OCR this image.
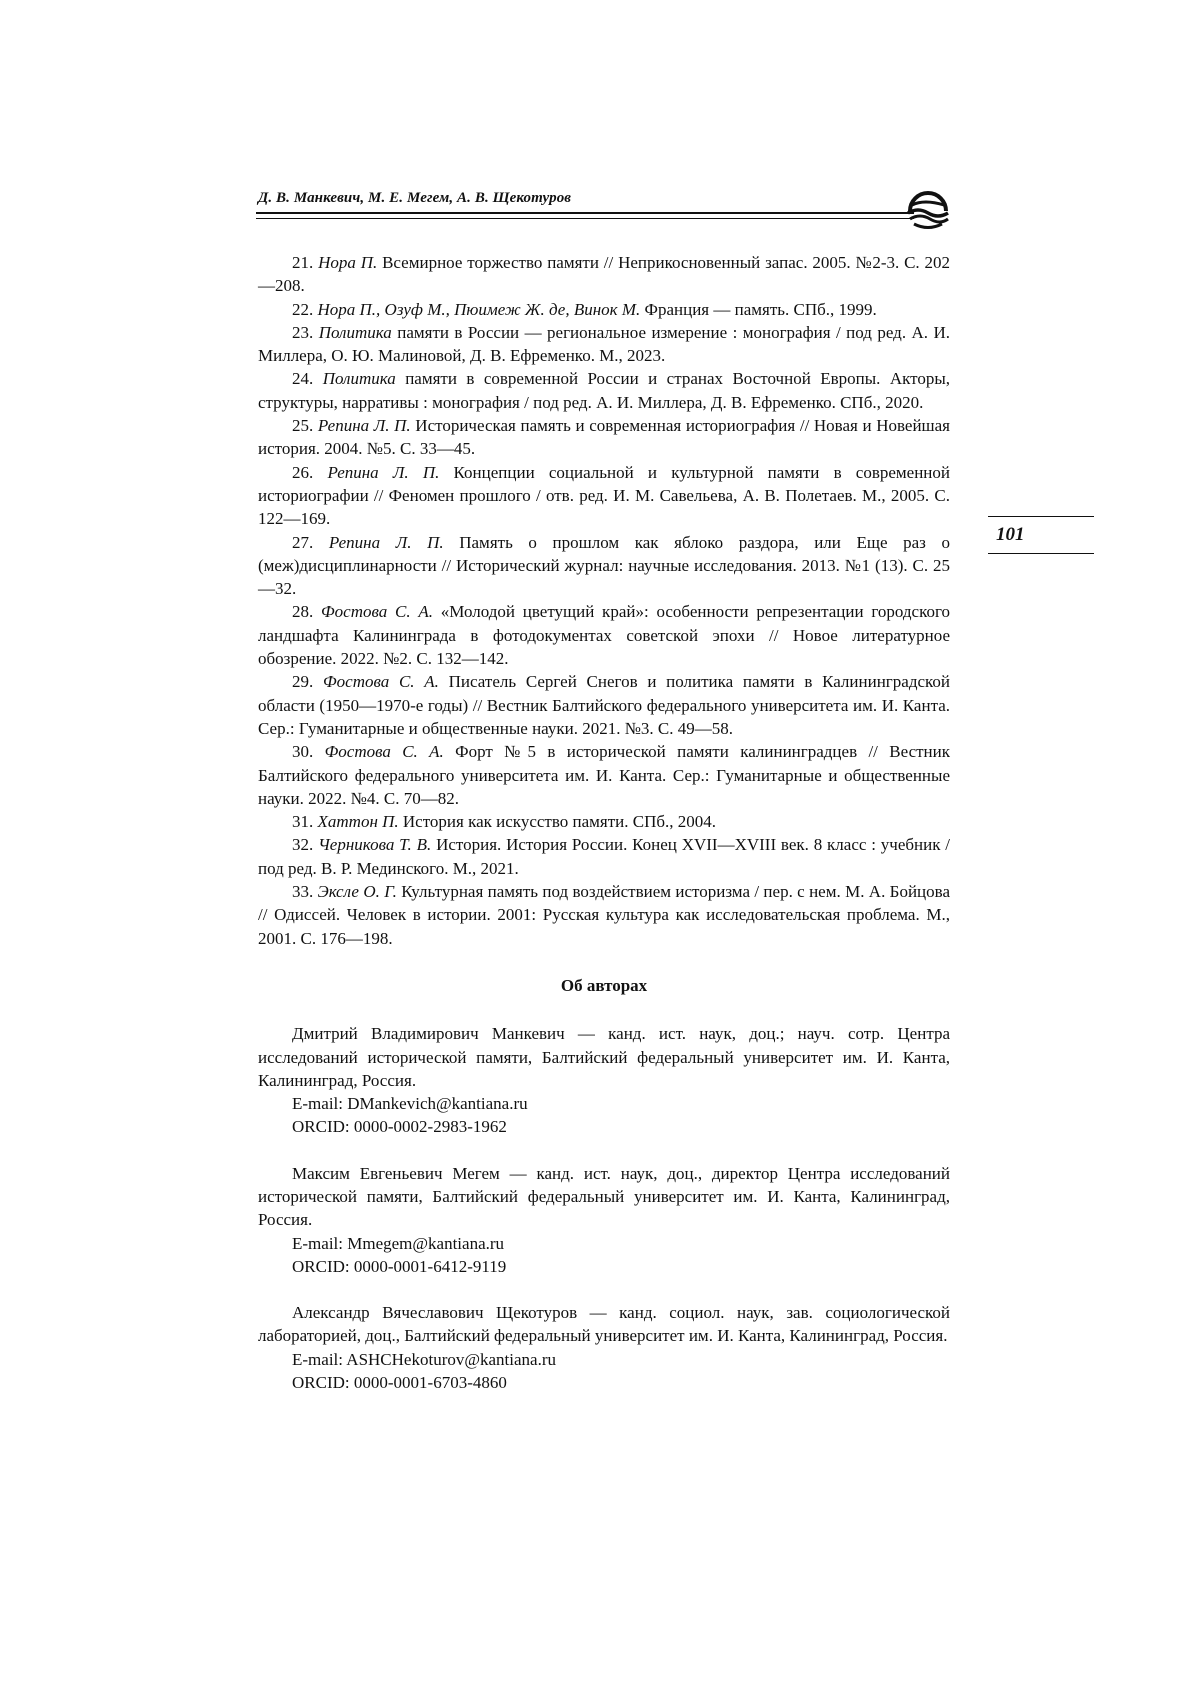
Д. В. Манкевич, М. Е. Мегем, А. В. Щекотуров
101

21. Нора П. Всемирное торжество памяти // Неприкосновенный запас. 2005. №2-3. С. 202—208.

22. Нора П., Озуф М., Пюимеж Ж. де, Винок М. Франция — память. СПб., 1999.

23. Политика памяти в России — региональное измерение : монография / под ред. А. И. Миллера, О. Ю. Малиновой, Д. В. Ефременко. М., 2023.

24. Политика памяти в современной России и странах Восточной Европы. Акторы, структуры, нарративы : монография / под ред. А. И. Миллера, Д. В. Ефременко. СПб., 2020.

25. Репина Л. П. Историческая память и современная историография // Новая и Новейшая история. 2004. №5. С. 33—45.

26. Репина Л. П. Концепции социальной и культурной памяти в современной историографии // Феномен прошлого / отв. ред. И. М. Савельева, А. В. Полетаев. М., 2005. С. 122—169.

27. Репина Л. П. Память о прошлом как яблоко раздора, или Еще раз о (меж)дисциплинарности // Исторический журнал: научные исследования. 2013. №1 (13). С. 25—32.

28. Фостова С. А. «Молодой цветущий край»: особенности репрезентации городского ландшафта Калининграда в фотодокументах советской эпохи // Новое литературное обозрение. 2022. №2. С. 132—142.

29. Фостова С. А. Писатель Сергей Снегов и политика памяти в Калининградской области (1950—1970-е годы) // Вестник Балтийского федерального университета им. И. Канта. Сер.: Гуманитарные и общественные науки. 2021. №3. С. 49—58.

30. Фостова С. А. Форт №5 в исторической памяти калининградцев // Вестник Балтийского федерального университета им. И. Канта. Сер.: Гуманитарные и общественные науки. 2022. №4. С. 70—82.

31. Хаттон П. История как искусство памяти. СПб., 2004.

32. Черникова Т. В. История. История России. Конец XVII—XVIII век. 8 класс : учебник / под ред. В. Р. Мединского. М., 2021.

33. Эксле О. Г. Культурная память под воздействием историзма / пер. с нем. М. А. Бойцова // Одиссей. Человек в истории. 2001: Русская культура как исследовательская проблема. М., 2001. С. 176—198.

Об авторах

Дмитрий Владимирович Манкевич — канд. ист. наук, доц.; науч. сотр. Центра исследований исторической памяти, Балтийский федеральный университет им. И. Канта, Калининград, Россия.

E-mail: DMankevich@kantiana.ru

ORCID: 0000-0002-2983-1962

Максим Евгеньевич Мегем — канд. ист. наук, доц., директор Центра исследований исторической памяти, Балтийский федеральный университет им. И. Канта, Калининград, Россия.

E-mail: Mmegem@kantiana.ru

ORCID: 0000-0001-6412-9119

Александр Вячеславович Щекотуров — канд. социол. наук, зав. социологической лабораторией, доц., Балтийский федеральный университет им. И. Канта, Калининград, Россия.

E-mail: ASHCHekoturov@kantiana.ru

ORCID: 0000-0001-6703-4860
